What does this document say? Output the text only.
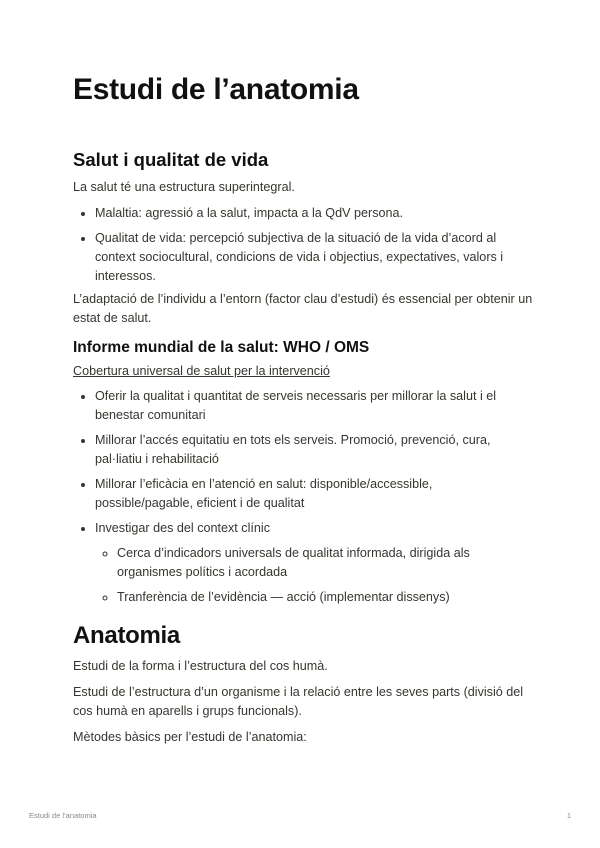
Estudi de l’anatomia
Salut i qualitat de vida

La salut té una estructura superintegral.

• Malaltia: agressió a la salut, impacta a la QdV persona.
• Qualitat de vida: percepció subjectiva de la situació de la vida d’acord al context sociocultural, condicions de vida i objectius, expectatives, valors i interessos.

L’adaptació de l’individu a l’entorn (factor clau d’estudi) és essencial per obtenir un estat de salut.

Informe mundial de la salut: WHO / OMS

Cobertura universal de salut per la intervenció

• Oferir la qualitat i quantitat de serveis necessaris per millorar la salut i el benestar comunitari
• Millorar l’accés equitatiu en tots els serveis. Promoció, prevenció, cura, pal·liatiu i rehabilitació
• Millorar l’eficàcia en l’atenció en salut: disponible/accessible, possible/pagable, eficient i de qualitat
• Investigar des del context clínic
◦ Cerca d’indicadors universals de qualitat informada, dirigida als organismes polítics i acordada
◦ Tranferència de l’evidència — acció (implementar dissenys)
Anatomia

Estudi de la forma i l’estructura del cos humà.

Estudi de l’estructura d’un organisme i la relació entre les seves parts (divisió del cos humà en aparells i grups funcionals).

Mètodes bàsics per l’estudi de l’anatomia:

Estudi de l’anatomia	1
